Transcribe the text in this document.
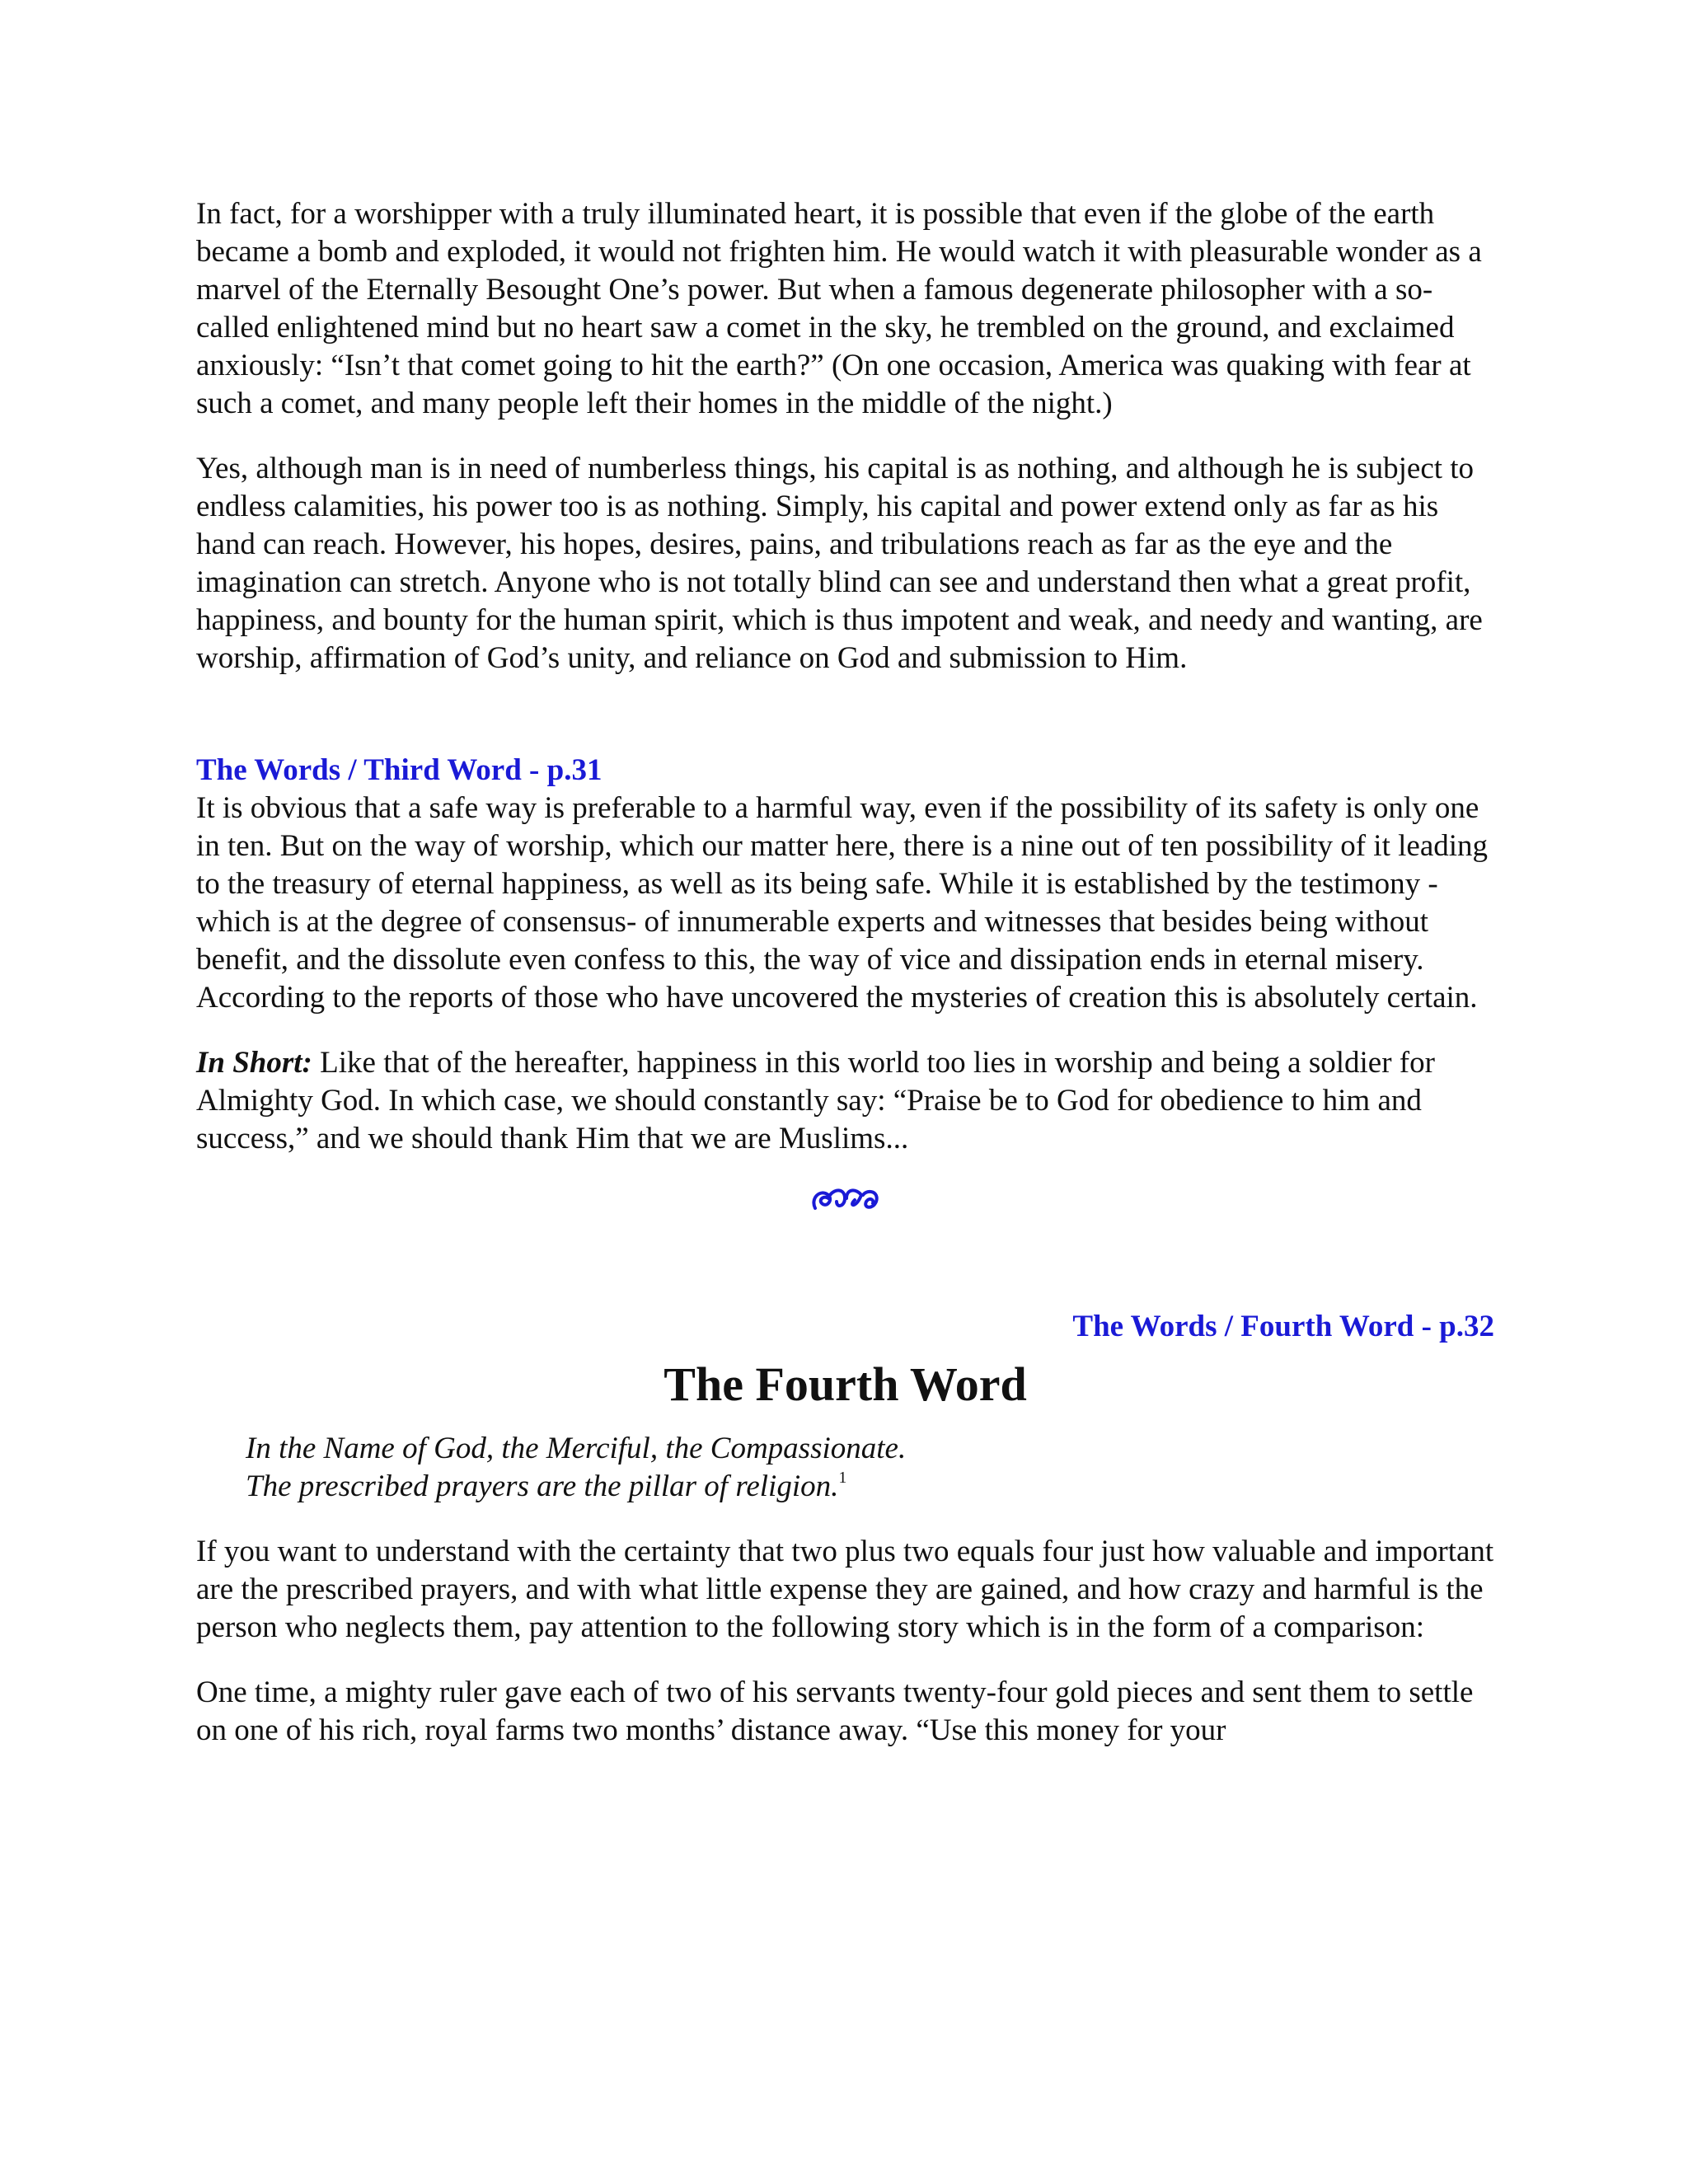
In fact, for a worshipper with a truly illuminated heart, it is possible that even if the globe of the earth became a bomb and exploded, it would not frighten him. He would watch it with pleasurable wonder as a marvel of the Eternally Besought One’s power. But when a famous degenerate philosopher with a so-called enlightened mind but no heart saw a comet in the sky, he trembled on the ground, and exclaimed anxiously: “Isn’t that comet going to hit the earth?” (On one occasion, America was quaking with fear at such a comet, and many people left their homes in the middle of the night.)

Yes, although man is in need of numberless things, his capital is as nothing, and although he is subject to endless calamities, his power too is as nothing. Simply, his capital and power extend only as far as his hand can reach. However, his hopes, desires, pains, and tribulations reach as far as the eye and the imagination can stretch. Anyone who is not totally blind can see and understand then what a great profit, happiness, and bounty for the human spirit, which is thus impotent and weak, and needy and wanting, are worship, affirmation of God’s unity, and reliance on God and submission to Him.

The Words / Third Word - p.31

It is obvious that a safe way is preferable to a harmful way, even if the possibility of its safety is only one in ten. But on the way of worship, which our matter here, there is a nine out of ten possibility of it leading to the treasury of eternal happiness, as well as its being safe. While it is established by the testimony -which is at the degree of consensus- of innumerable experts and witnesses that besides being without benefit, and the dissolute even confess to this, the way of vice and dissipation ends in eternal misery. According to the reports of those who have uncovered the mysteries of creation this is absolutely certain.

In Short: Like that of the hereafter, happiness in this world too lies in worship and being a soldier for Almighty God. In which case, we should constantly say: “Praise be to God for obedience to him and success,” and we should thank Him that we are Muslims...

The Words / Fourth Word - p.32
The Fourth Word
In the Name of God, the Merciful, the Compassionate.
The prescribed prayers are the pillar of religion.$^1$

If you want to understand with the certainty that two plus two equals four just how valuable and important are the prescribed prayers, and with what little expense they are gained, and how crazy and harmful is the person who neglects them, pay attention to the following story which is in the form of a comparison:

One time, a mighty ruler gave each of two of his servants twenty-four gold pieces and sent them to settle on one of his rich, royal farms two months’ distance away. “Use this money for your
